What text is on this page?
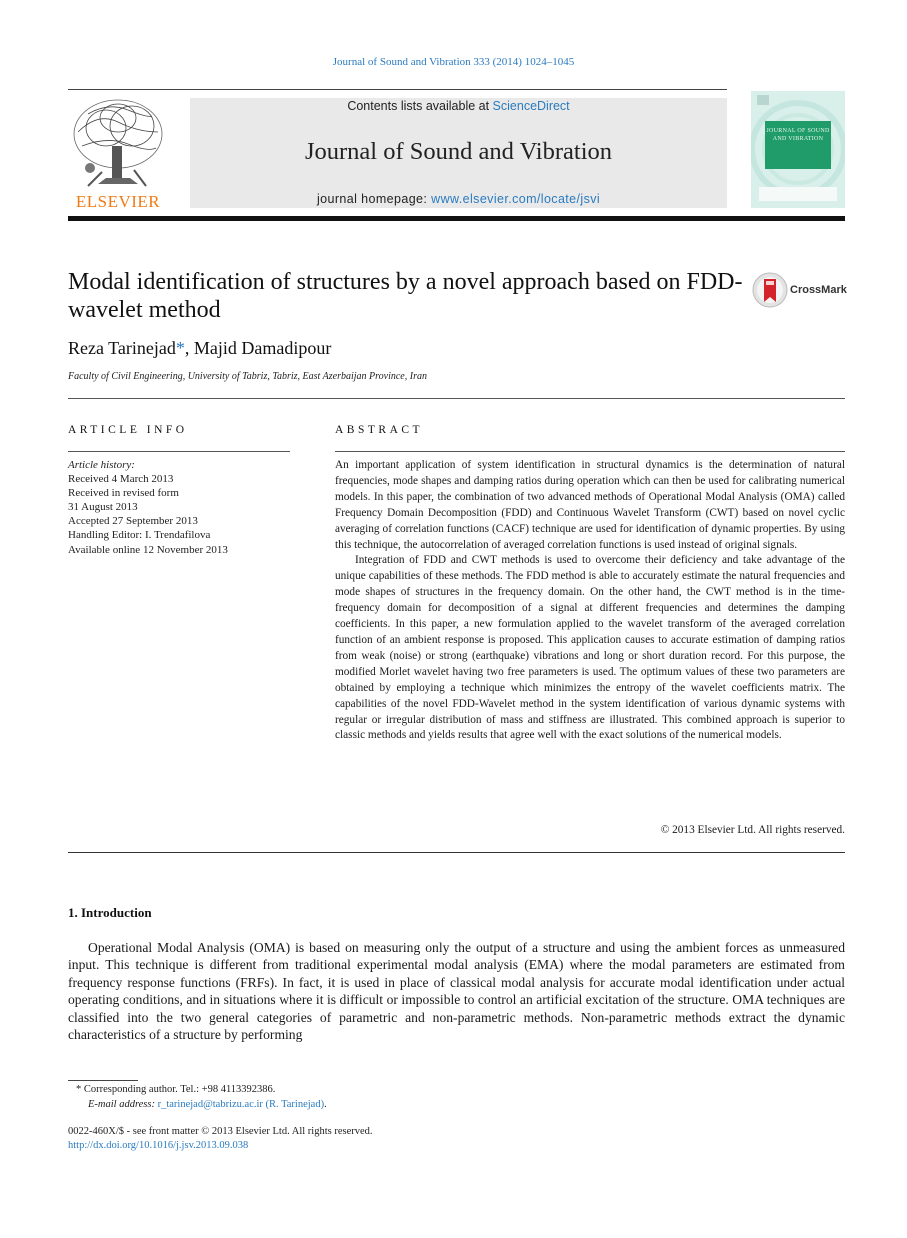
Journal of Sound and Vibration 333 (2014) 1024–1045
ELSEVIER
Contents lists available at ScienceDirect
Journal of Sound and Vibration
journal homepage: www.elsevier.com/locate/jsvi
JOURNAL OF SOUND AND VIBRATION
Modal identification of structures by a novel approach based on FDD-wavelet method
CrossMark
Reza Tarinejad*, Majid Damadipour
Faculty of Civil Engineering, University of Tabriz, Tabriz, East Azerbaijan Province, Iran
ARTICLE INFO
Article history:
Received 4 March 2013
Received in revised form
31 August 2013
Accepted 27 September 2013
Handling Editor: I. Trendafilova
Available online 12 November 2013
ABSTRACT

An important application of system identification in structural dynamics is the determination of natural frequencies, mode shapes and damping ratios during operation which can then be used for calibrating numerical models. In this paper, the combination of two advanced methods of Operational Modal Analysis (OMA) called Frequency Domain Decomposition (FDD) and Continuous Wavelet Transform (CWT) based on novel cyclic averaging of correlation functions (CACF) technique are used for identification of dynamic properties. By using this technique, the autocorrelation of averaged correlation functions is used instead of original signals.

Integration of FDD and CWT methods is used to overcome their deficiency and take advantage of the unique capabilities of these methods. The FDD method is able to accurately estimate the natural frequencies and mode shapes of structures in the frequency domain. On the other hand, the CWT method is in the time-frequency domain for decomposition of a signal at different frequencies and determines the damping coefficients. In this paper, a new formulation applied to the wavelet transform of the averaged correlation function of an ambient response is proposed. This application causes to accurate estimation of damping ratios from weak (noise) or strong (earthquake) vibrations and long or short duration record. For this purpose, the modified Morlet wavelet having two free parameters is used. The optimum values of these two parameters are obtained by employing a technique which minimizes the entropy of the wavelet coefficients matrix. The capabilities of the novel FDD-Wavelet method in the system identification of various dynamic systems with regular or irregular distribution of mass and stiffness are illustrated. This combined approach is superior to classic methods and yields results that agree well with the exact solutions of the numerical models.

© 2013 Elsevier Ltd. All rights reserved.
1. Introduction
Operational Modal Analysis (OMA) is based on measuring only the output of a structure and using the ambient forces as unmeasured input. This technique is different from traditional experimental modal analysis (EMA) where the modal parameters are estimated from frequency response functions (FRFs). In fact, it is used in place of classical modal analysis for accurate modal identification under actual operating conditions, and in situations where it is difficult or impossible to control an artificial excitation of the structure. OMA techniques are classified into the two general categories of parametric and non-parametric methods. Non-parametric methods extract the dynamic characteristics of a structure by performing
* Corresponding author. Tel.: +98 4113392386.
E-mail address: r_tarinejad@tabrizu.ac.ir (R. Tarinejad).
0022-460X/$ - see front matter © 2013 Elsevier Ltd. All rights reserved.
http://dx.doi.org/10.1016/j.jsv.2013.09.038
